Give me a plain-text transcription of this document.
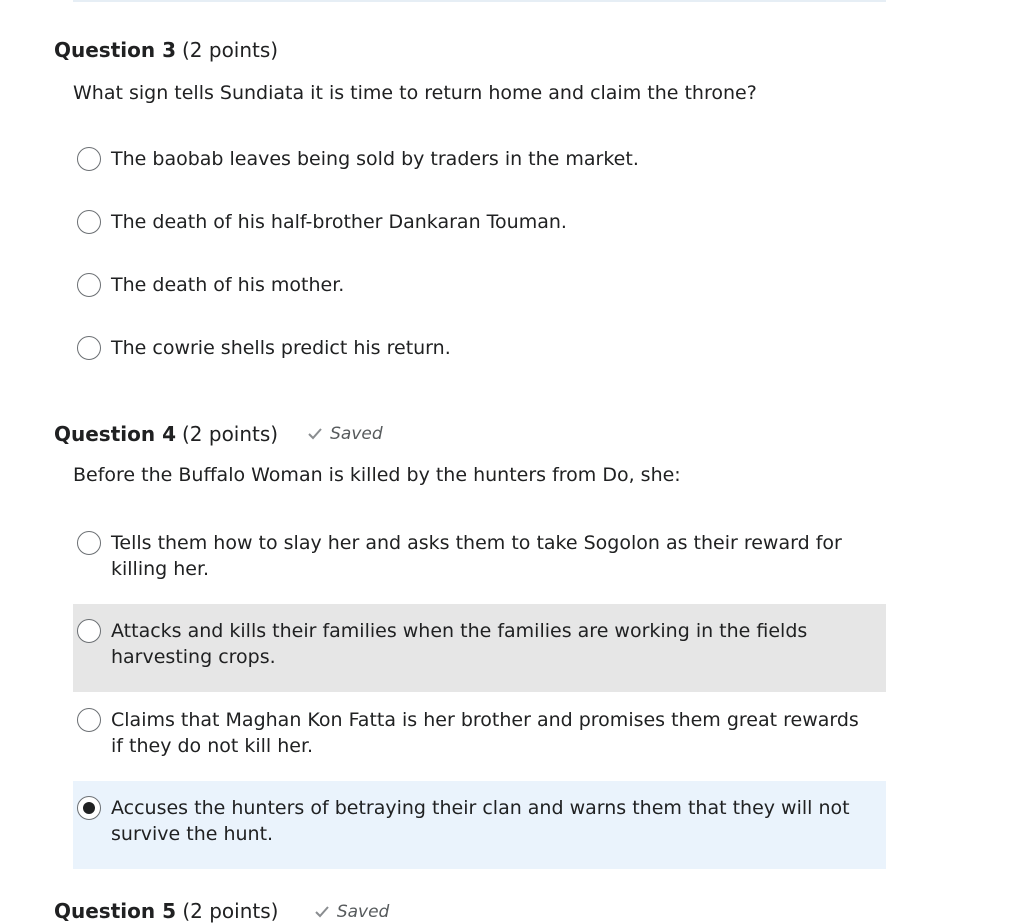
Question 3 (2 points)
What sign tells Sundiata it is time to return home and claim the throne?
The baobab leaves being sold by traders in the market.
The death of his half-brother Dankaran Touman.
The death of his mother.
The cowrie shells predict his return.
Question 4 (2 points)	Saved
Before the Buffalo Woman is killed by the hunters from Do, she:
Tells them how to slay her and asks them to take Sogolon as their reward for killing her.
Attacks and kills their families when the families are working in the fields harvesting crops.
Claims that Maghan Kon Fatta is her brother and promises them great rewards if they do not kill her.
Accuses the hunters of betraying their clan and warns them that they will not survive the hunt.
Question 5 (2 points)	Saved
